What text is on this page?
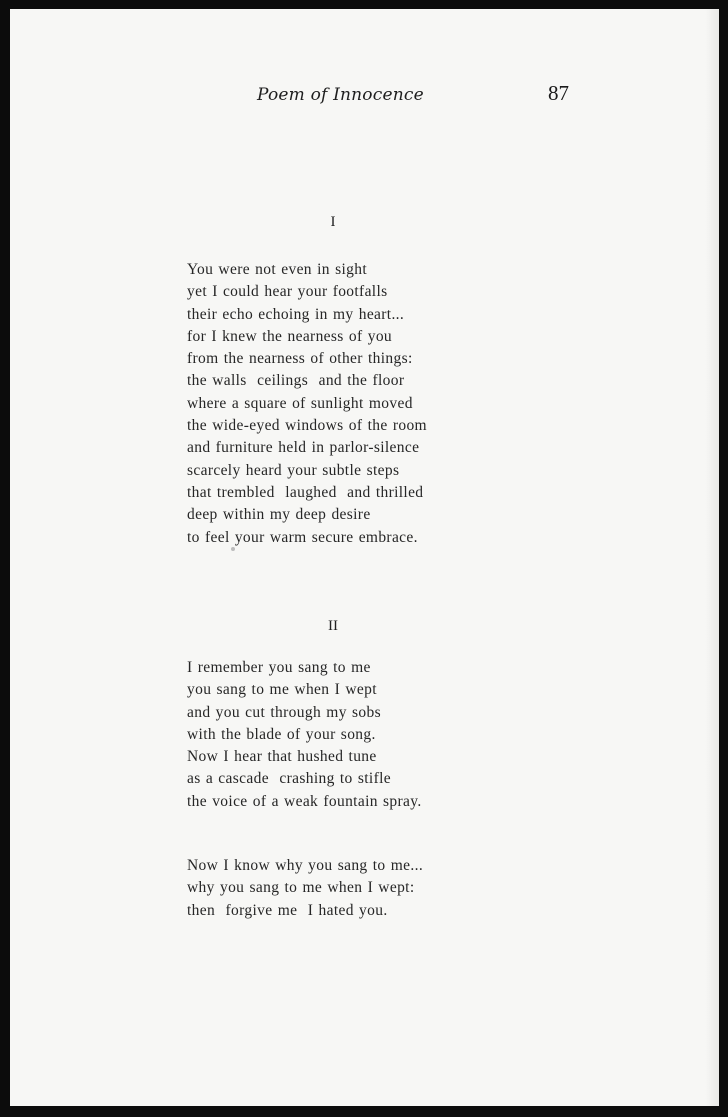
Poem of Innocence	87
I
You were not even in sight
yet I could hear your footfalls
their echo echoing in my heart...
for I knew the nearness of you
from the nearness of other things:
the walls  ceilings  and the floor
where a square of sunlight moved
the wide-eyed windows of the room
and furniture held in parlor-silence
scarcely heard your subtle steps
that trembled  laughed  and thrilled
deep within my deep desire
to feel your warm secure embrace.
II
I remember you sang to me
you sang to me when I wept
and you cut through my sobs
with the blade of your song.
Now I hear that hushed tune
as a cascade  crashing to stifle
the voice of a weak fountain spray.
Now I know why you sang to me...
why you sang to me when I wept:
then  forgive me  I hated you.
